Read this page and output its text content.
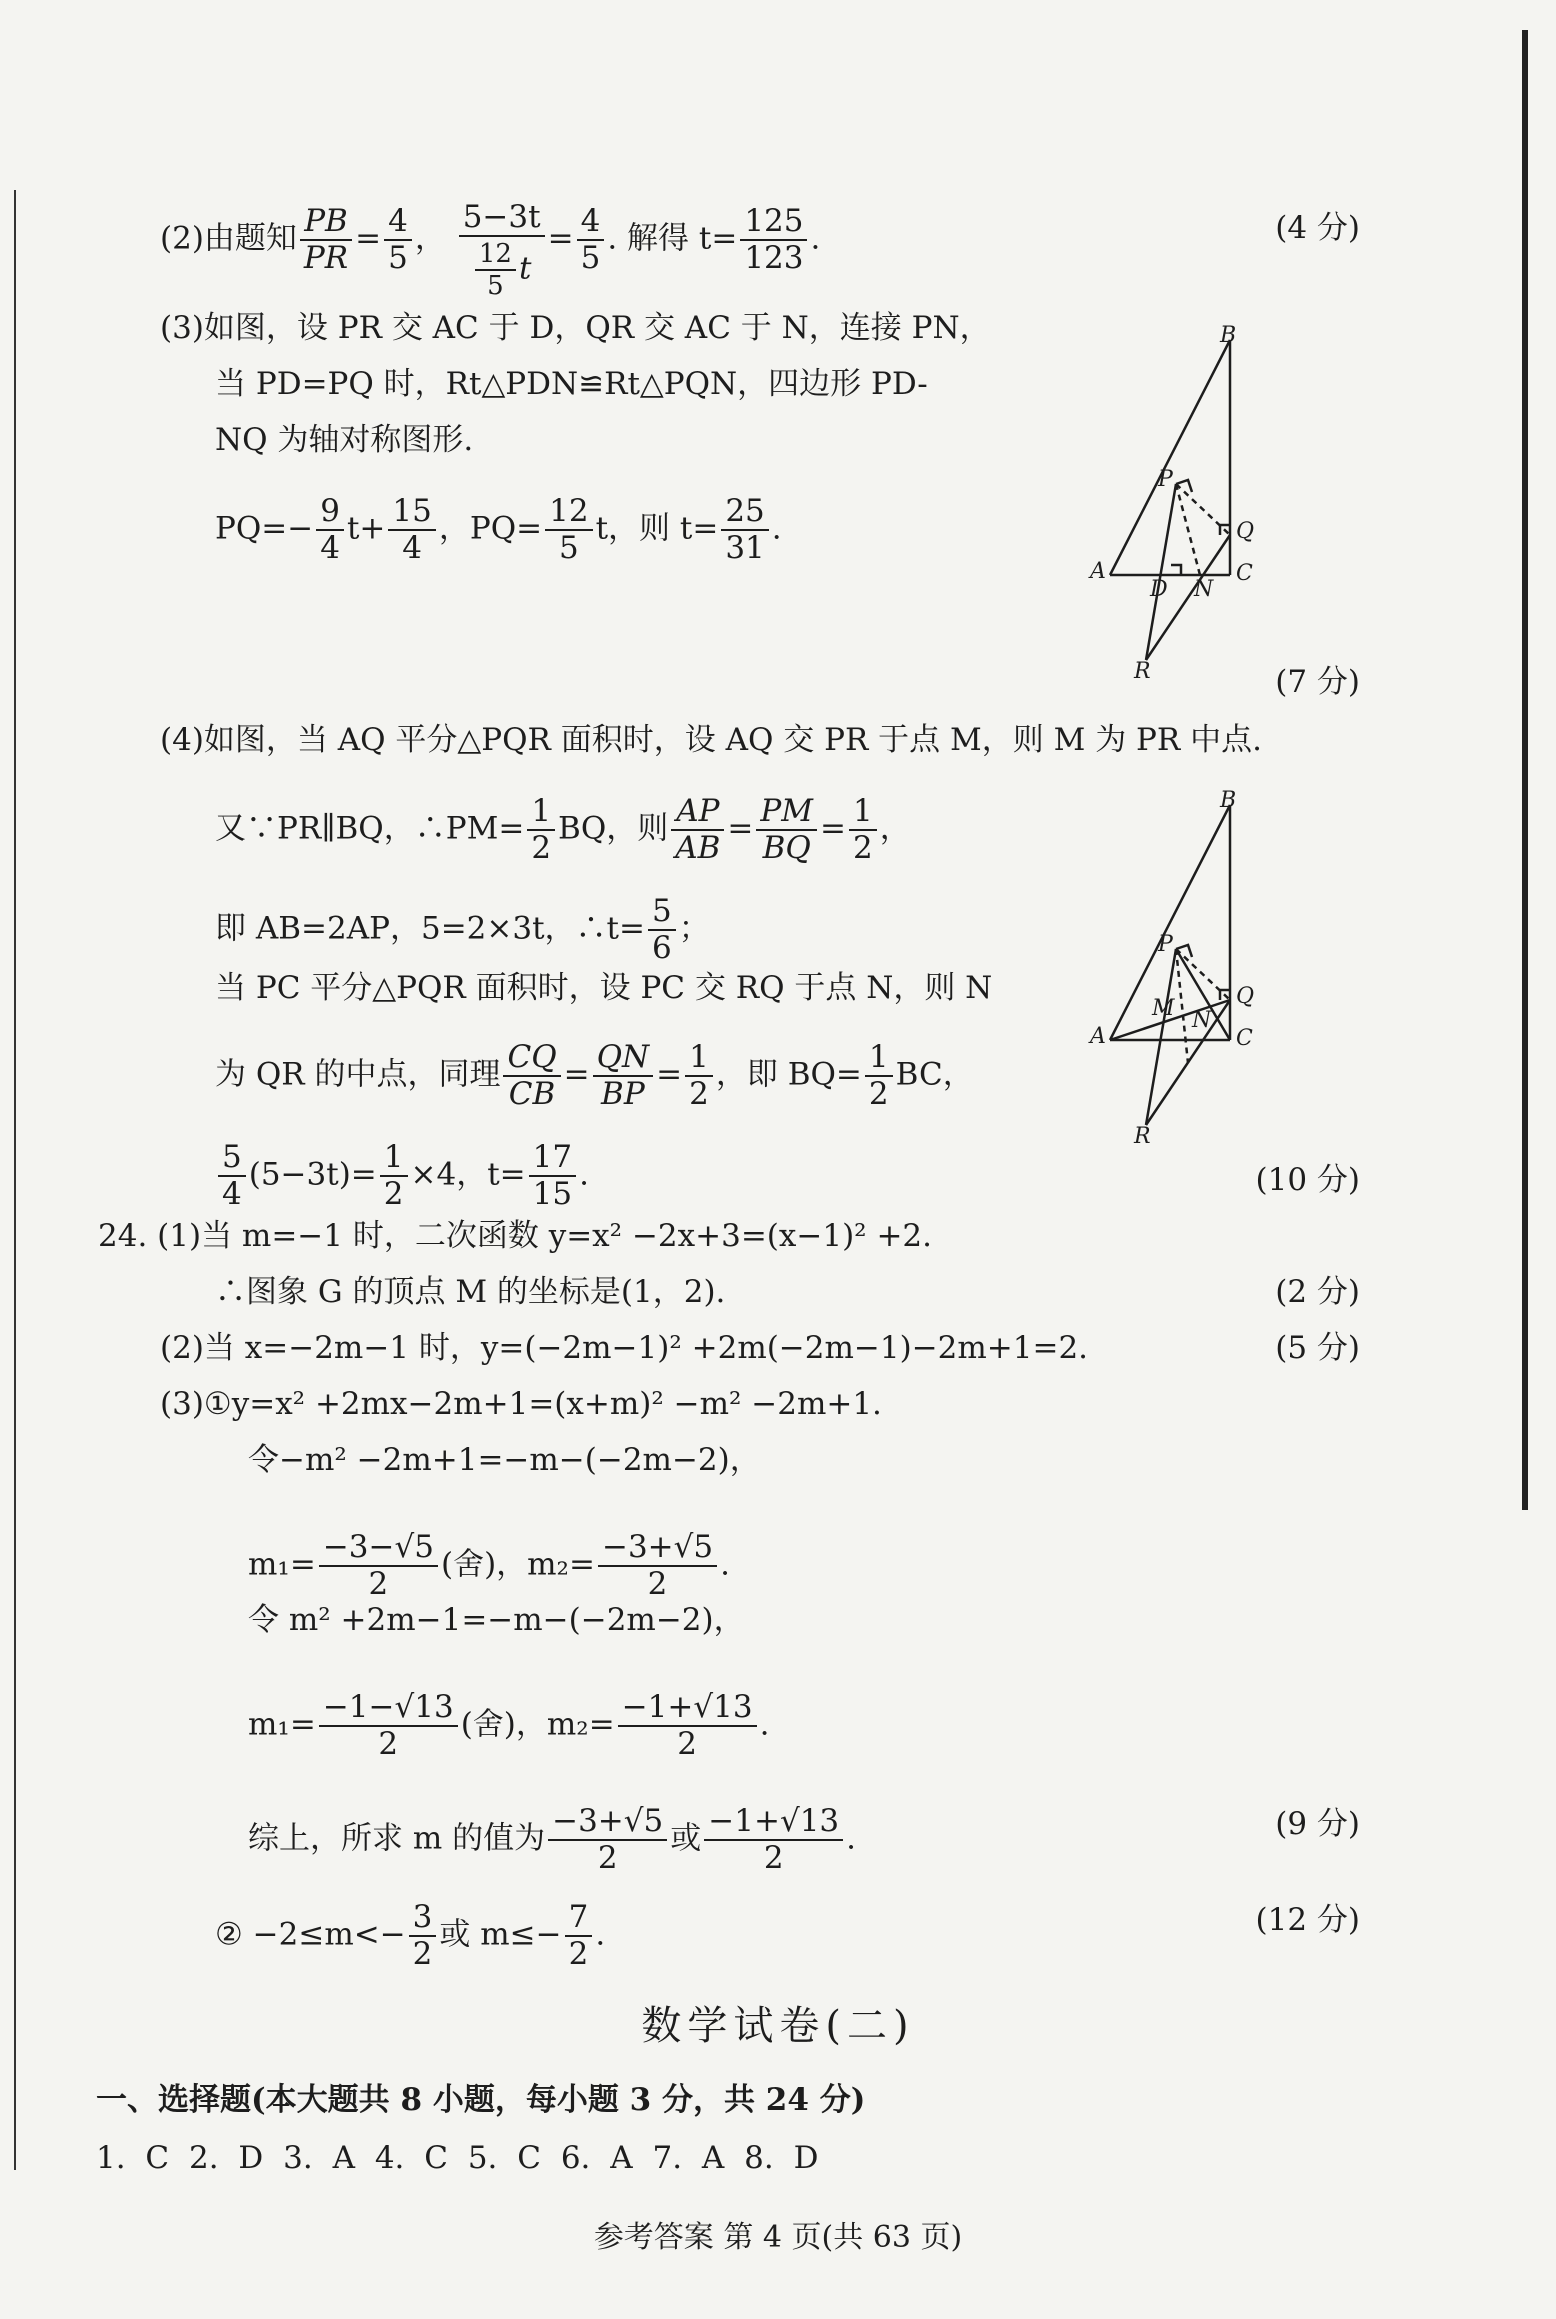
(2)由题知 $\frac{PB}{PR} = \frac{4}{5}$ ， $\frac{5-3t}{\frac{12}{5} t} = \frac{4}{5}$ . 解得 $t= \frac{125}{123}$ .	(4 分)
(3)如图，设 PR 交 AC 于 D，QR 交 AC 于 N，连接 PN，
当 PD=PQ 时，Rt△PDN≌Rt△PQN，四边形 PD-
NQ 为轴对称图形.
$PQ=- \frac{9}{4} t+ \frac{15}{4}$ ，$PQ= \frac{12}{5}$ t，则 $t= \frac{25}{31}$ .
B
P
Q
A
D N
C
R	(7 分)
(4)如图，当 AQ 平分△PQR 面积时，设 AQ 交 PR 于点 M，则 M 为 PR 中点.
又∵PR∥BQ，∴PM= $\frac{1}{2}$ BQ，则 $\frac{AP}{AB} = \frac{PM}{BQ} = \frac{1}{2}$ ，
即 AB=2AP，5=2×3t，∴t= $\frac{5}{6}$ ；
当 PC 平分△PQR 面积时，设 PC 交 RQ 于点 N，则 N
为 QR 的中点，同理 $\frac{CQ}{CB} = \frac{QN}{BP} = \frac{1}{2}$ ，即 $BQ= \frac{1}{2}$ BC，
$\frac{5}{4} (5-3t)= \frac{1}{2} \times 4$，$t= \frac{17}{15}$ .
B
P
Q
A
M N
C
R
(10 分)
24. (1)当 m=−1 时，二次函数 y=x² −2x+3=(x−1)² +2.
∴图象 G 的顶点 M 的坐标是(1，2).	(2 分)
(2)当 x=−2m−1 时，y=(−2m−1)² +2m(−2m−1)−2m+1=2.	(5 分)
(3)①y=x² +2mx−2m+1=(x+m)² −m² −2m+1.
令−m² −2m+1=−m−(−2m−2)，
$m_1= \frac{-3-√5}{2}$ (舍)，$m_2= \frac{-3+√5}{2}$ .
令 m² +2m−1=−m−(−2m−2)，
$m_1= \frac{-1-√13}{2}$ (舍)，$m_2= \frac{-1+√13}{2}$ .
综上，所求 m 的值为 $\frac{-3+√5}{2}$ 或 $\frac{-1+√13}{2}$ .	(9 分)
② $-2\le m<- \frac{3}{2}$ 或 $m\le- \frac{7}{2}$ .	(12 分)
数学试卷(二)
一、选择题(本大题共 8 小题，每小题 3 分，共 24 分)
1. C 2. D 3. A 4. C 5. C 6. A 7. A 8. D
参考答案 第 4 页(共 63 页)
